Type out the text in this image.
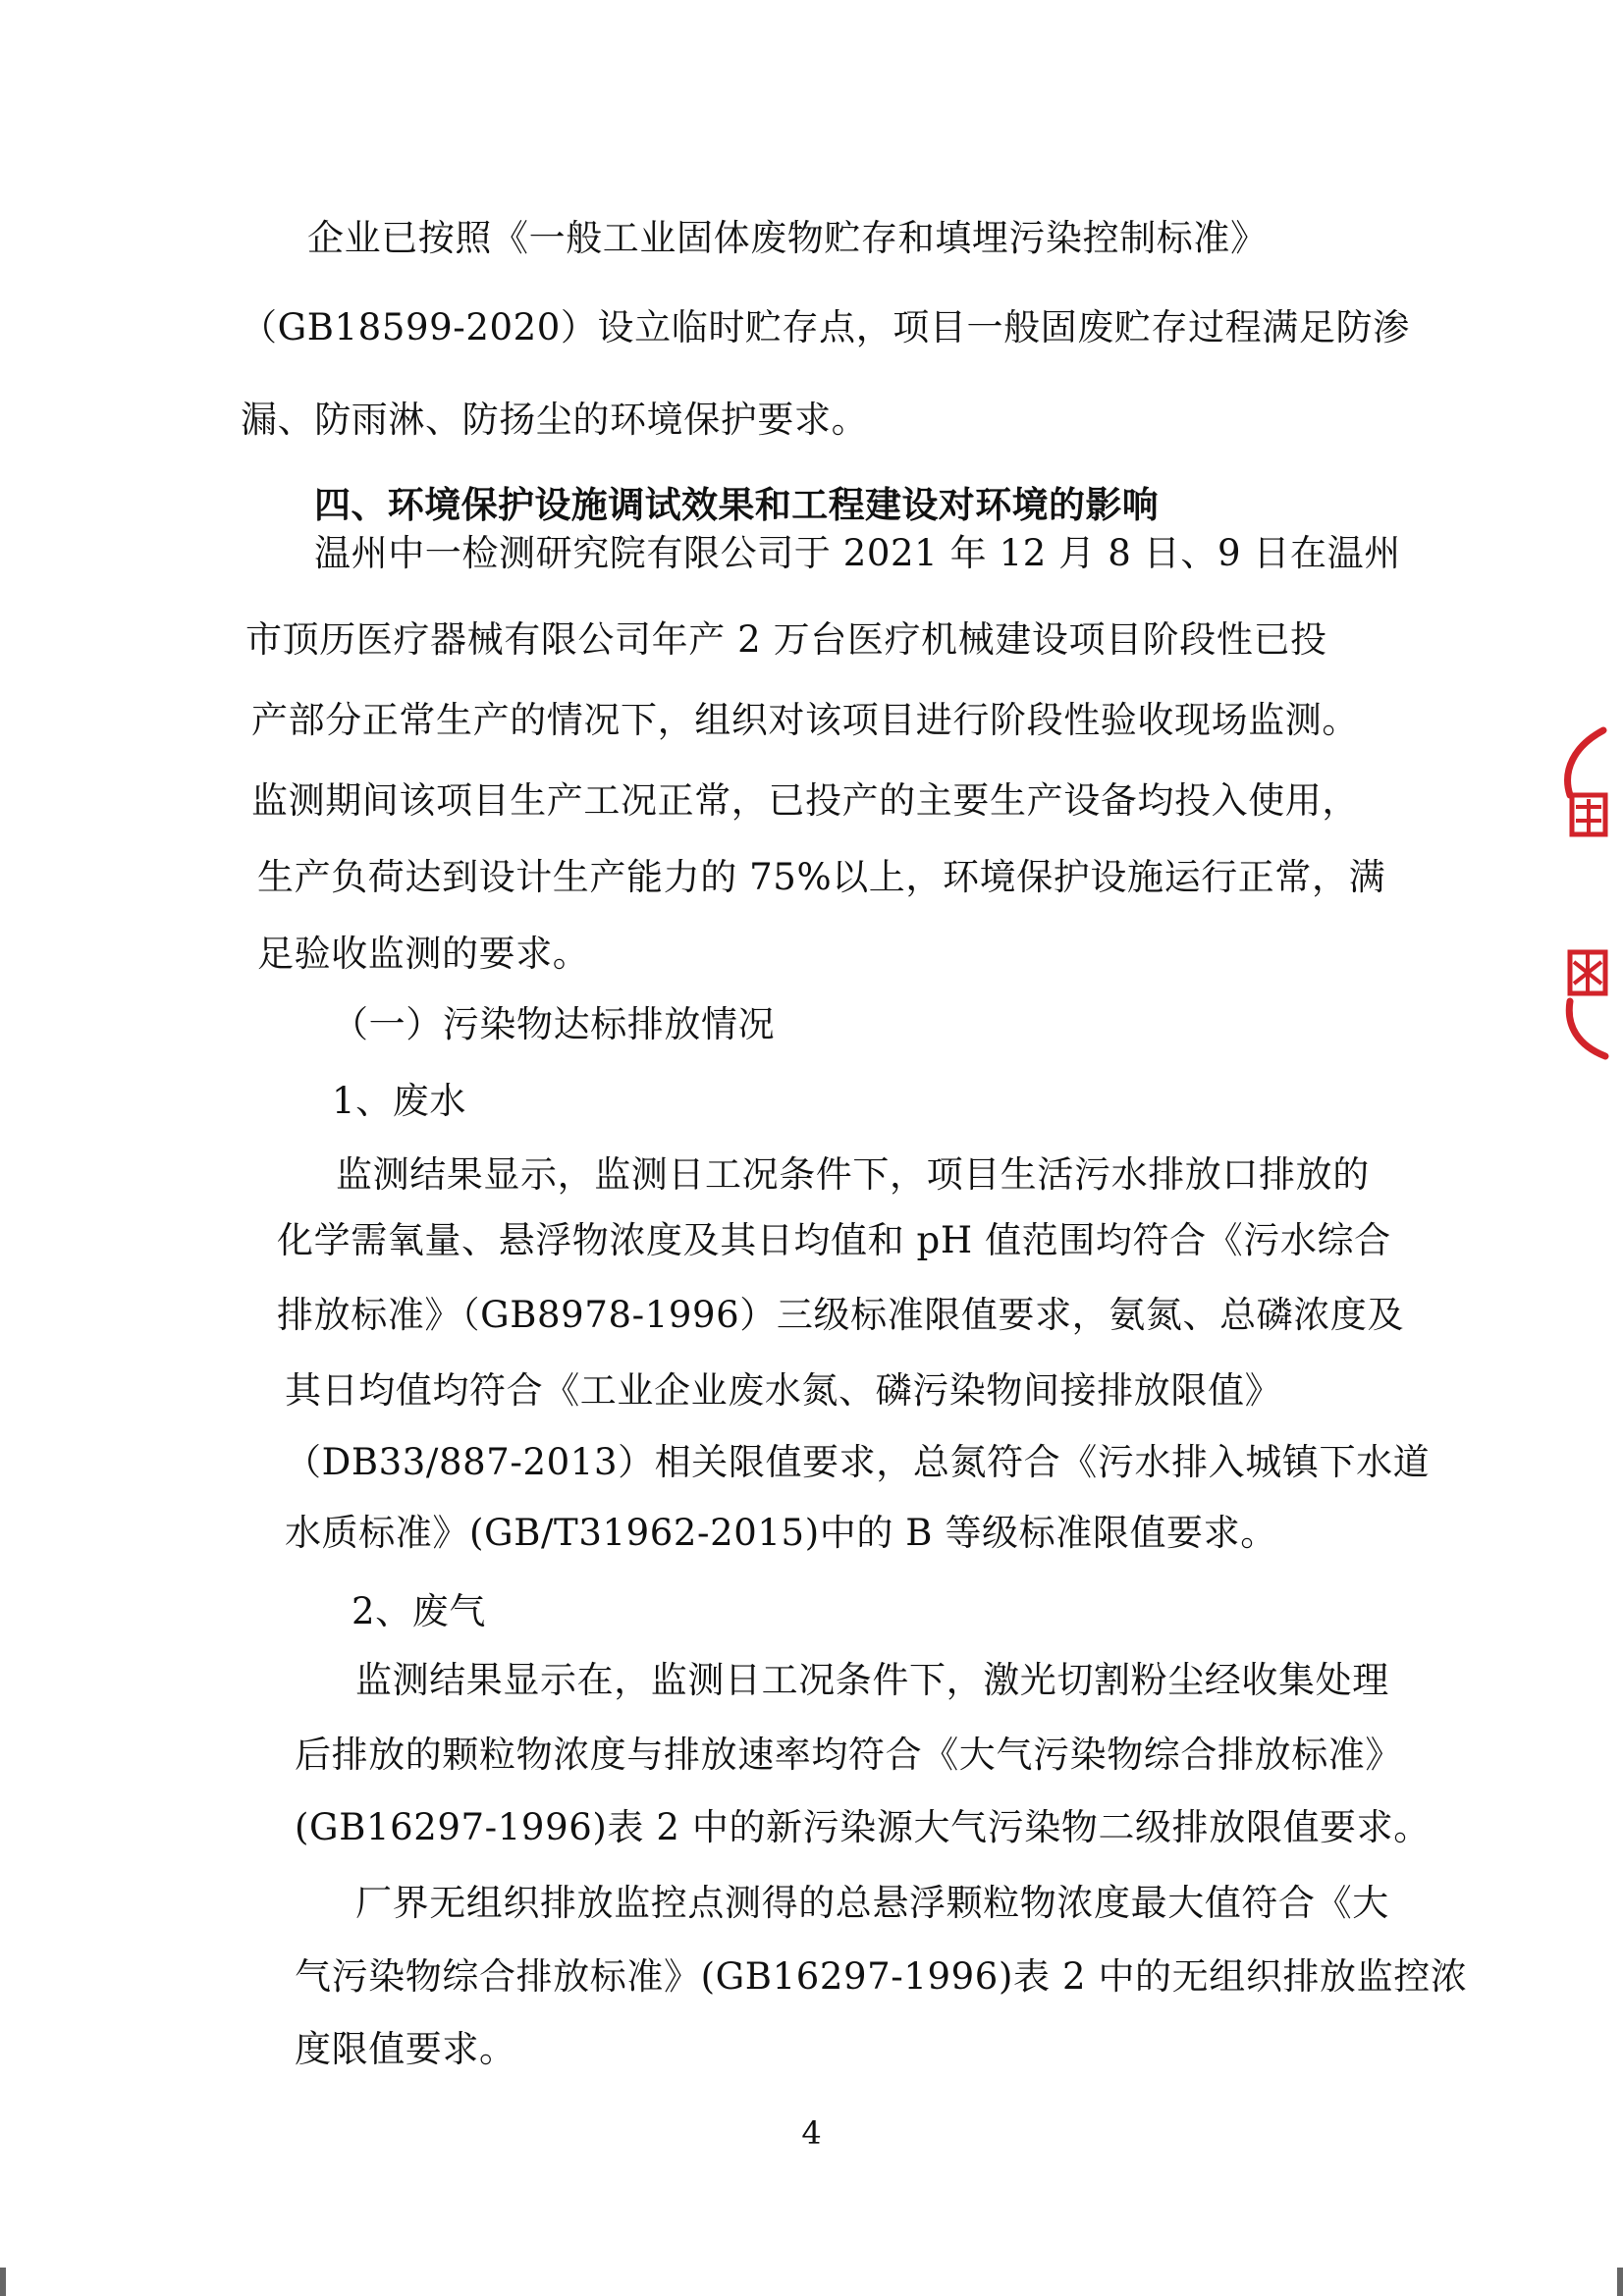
企业已按照《一般工业固体废物贮存和填埋污染控制标准》
（GB18599-2020）设立临时贮存点，项目一般固废贮存过程满足防渗
漏、防雨淋、防扬尘的环境保护要求。
四、环境保护设施调试效果和工程建设对环境的影响
温州中一检测研究院有限公司于 2021 年 12 月 8 日、9 日在温州
市顶历医疗器械有限公司年产 2 万台医疗机械建设项目阶段性已投
产部分正常生产的情况下，组织对该项目进行阶段性验收现场监测。
监测期间该项目生产工况正常，已投产的主要生产设备均投入使用，
生产负荷达到设计生产能力的 75%以上，环境保护设施运行正常，满
足验收监测的要求。
（一）污染物达标排放情况
1、废水
监测结果显示，监测日工况条件下，项目生活污水排放口排放的
化学需氧量、悬浮物浓度及其日均值和 pH 值范围均符合《污水综合
排放标准》（GB8978-1996）三级标准限值要求，氨氮、总磷浓度及
其日均值均符合《工业企业废水氮、磷污染物间接排放限值》
（DB33/887-2013）相关限值要求，总氮符合《污水排入城镇下水道
水质标准》(GB/T31962-2015)中的 B 等级标准限值要求。
2、废气
监测结果显示在，监测日工况条件下，激光切割粉尘经收集处理
后排放的颗粒物浓度与排放速率均符合《大气污染物综合排放标准》
(GB16297-1996)表 2 中的新污染源大气污染物二级排放限值要求。
厂界无组织排放监控点测得的总悬浮颗粒物浓度最大值符合《大
气污染物综合排放标准》(GB16297-1996)表 2 中的无组织排放监控浓
度限值要求。
4
